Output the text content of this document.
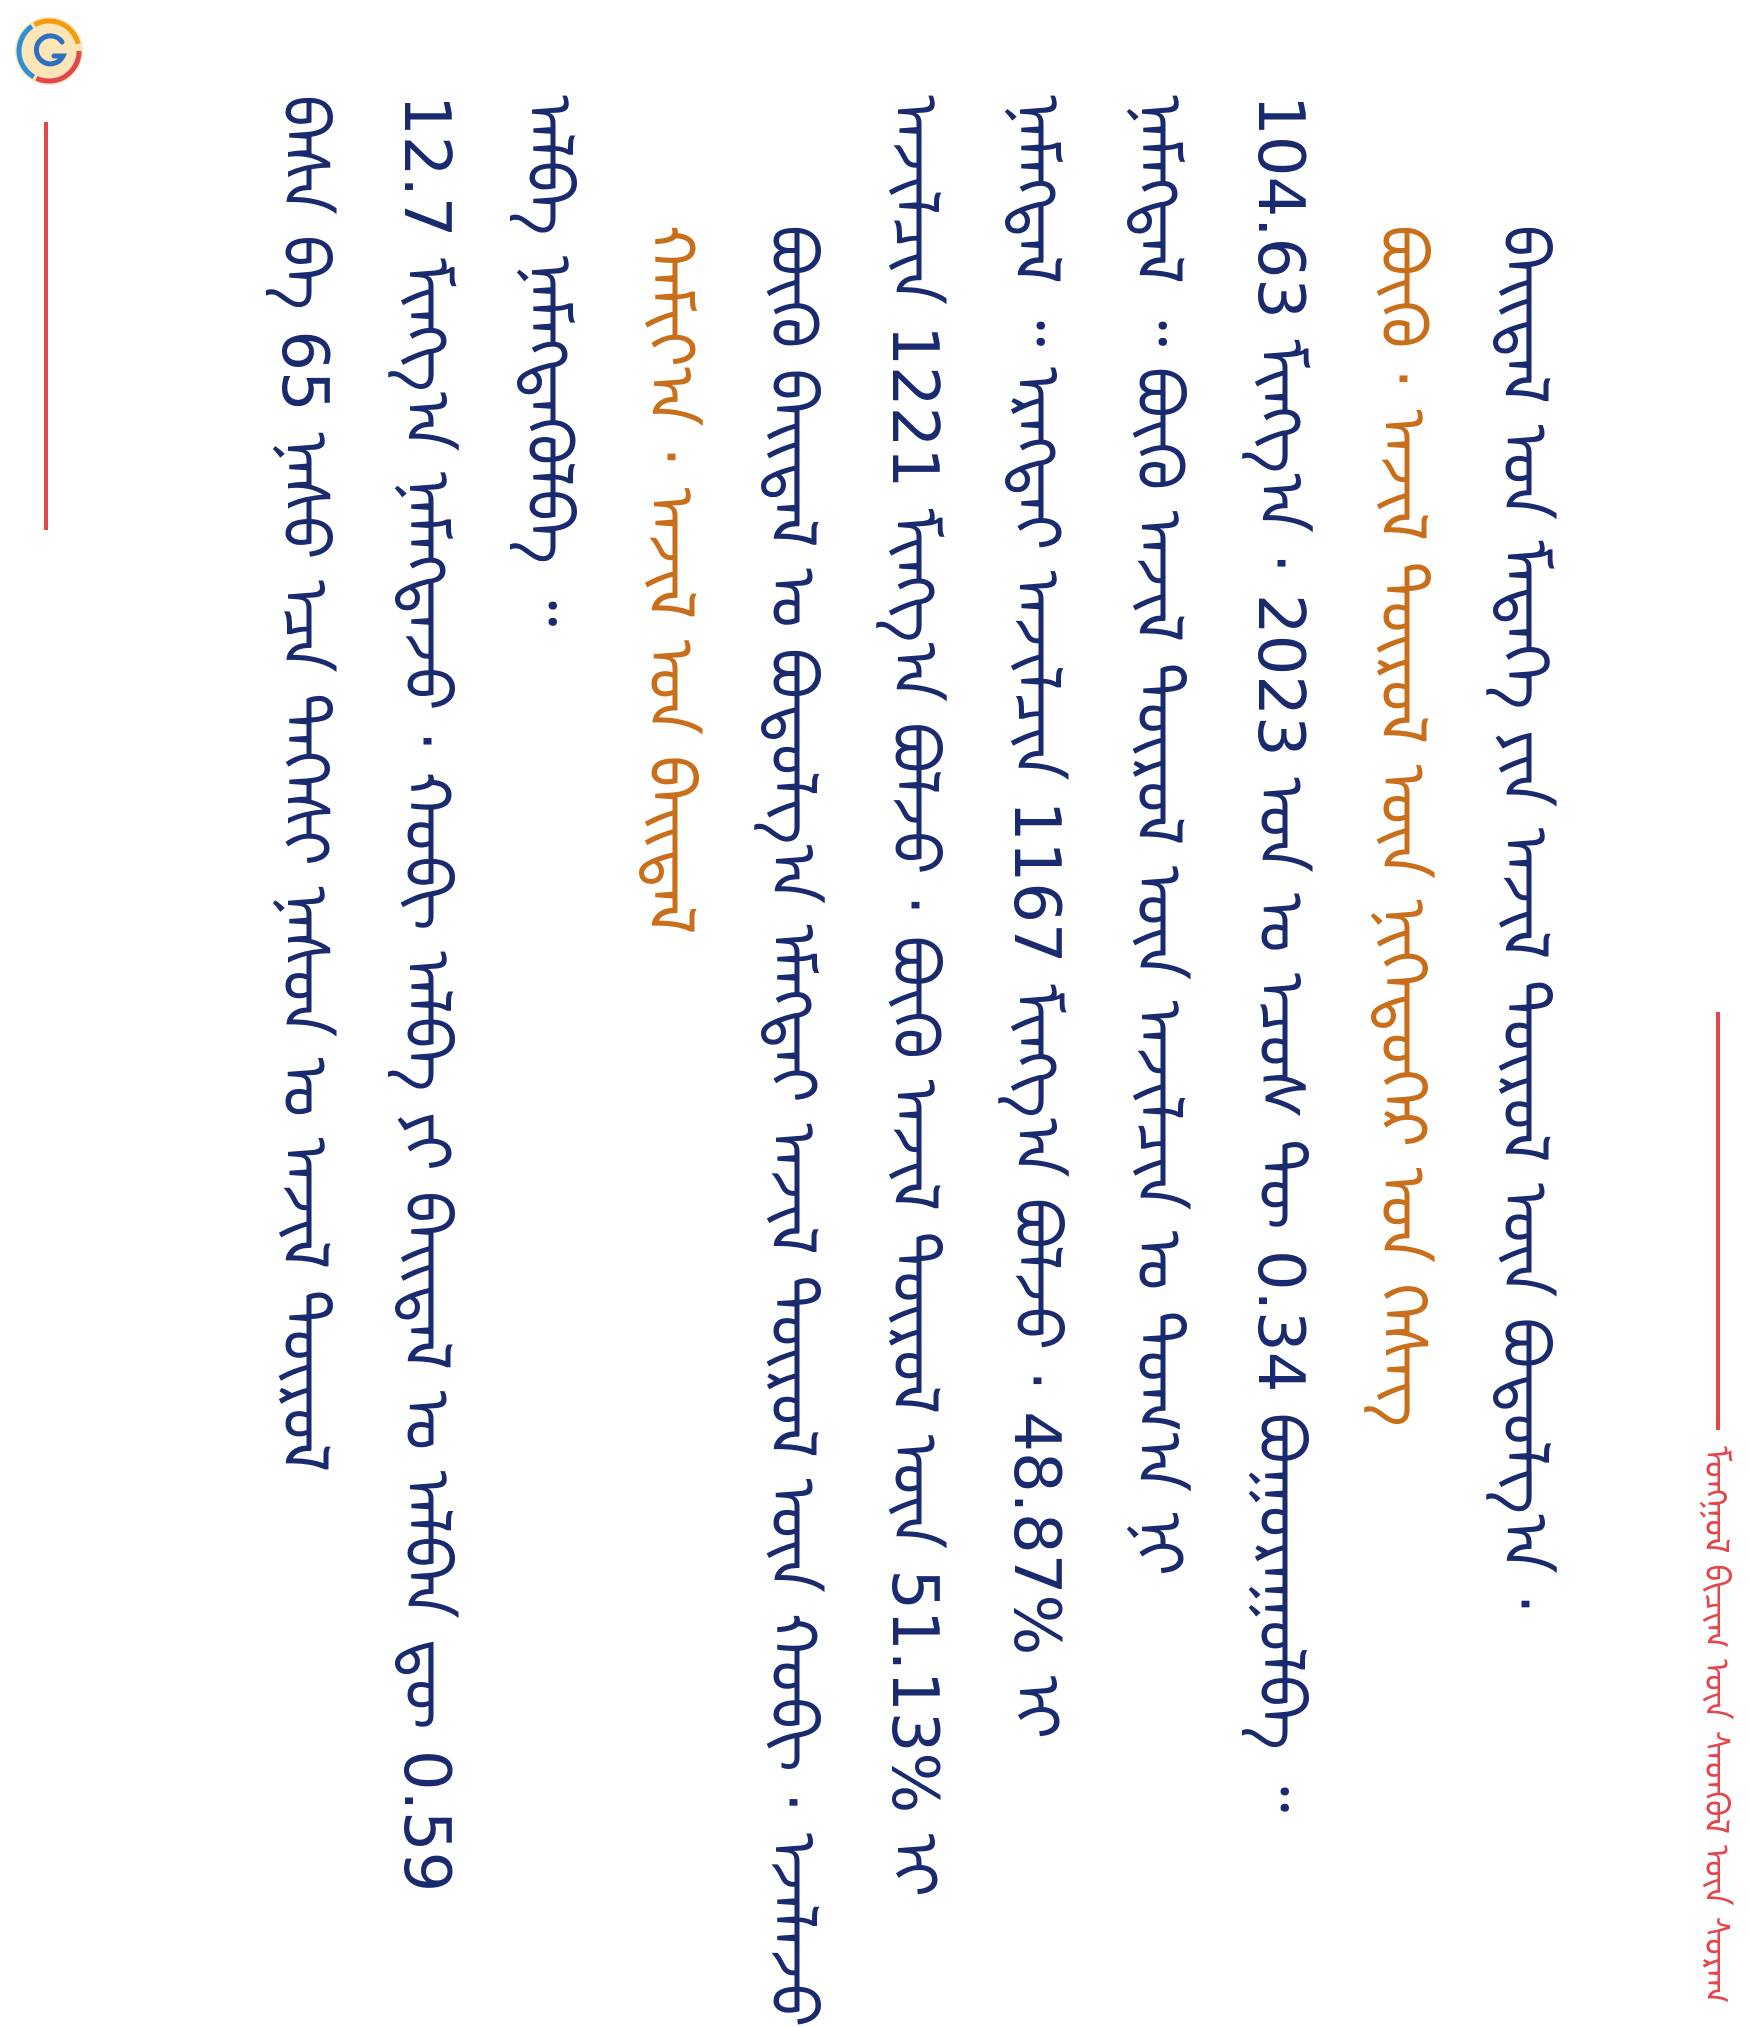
ᠮᠣᠩᠭᠣᠯ ᠪᠢᠴᠢᠭ᠋ ᠦᠨ ᠰᠡᠳᠬᠦᠯ ᠦᠨ ᠰᠤᠷᠠᠭ
ᠪᠠᠢ᠌ᠳᠠᠯ ᠤᠨ ᠮᠡᠳᠡᠭᠡ ᠶᠢᠨ ᠠᠵᠢᠯ ᠲᠥᠷᠥᠯ ᠦᠨ ᠪᠣᠳᠣᠯᠭ᠎ᠠ ·
ᠪᠦᠬᠦ · ᠠᠵᠢᠯ ᠲᠥᠷᠥᠯ ᠦᠨ ᠨᠢᠭᠡᠳᠦᠭᠡᠷ ᠤᠨ ᠬᠡᠰᠡᠭ
104.63 ᠮᠢᠩᠭ᠎ᠠ · 2023 ᠣᠨ ᠤ ᠡᠴᠦᠰ ᠲᠦ 0.34 ᠪᠣᠭᠤᠷᠠᠭᠤᠯᠪᠠ ᠃
ᠨᠡᠮᠡᠭᠳᠡᠯ ᠃ ᠪᠦᠬᠦ ᠠᠵᠢᠯ ᠲᠥᠷᠥᠯ ᠦᠨ ᠠᠵᠢᠯᠴᠢᠨ ᠤ ᠲᠣᠭ᠎ᠠ ᠨᠢ
ᠨᠡᠮᠡᠭᠳᠡᠯ ᠃ ᠡᠷᠡᠭᠲᠡᠢ ᠠᠵᠢᠯᠴᠢᠨ 1167 ᠮᠢᠩᠭ᠎ᠠ ᠪᠣᠯᠵᠤ · 48.87% ᠢ
ᠠᠵᠢᠯᠴᠢᠨ 1221 ᠮᠢᠩᠭ᠎ᠠ ᠪᠣᠯᠵᠤ · ᠪᠦᠬᠦ ᠠᠵᠢᠯ ᠲᠥᠷᠥᠯ ᠦᠨ 51.13% ᠢ
ᠪᠦᠬᠦ ᠪᠠᠢ᠌ᠳᠠᠯ ᠤ ᠪᠣᠳᠣᠯᠭ᠎ᠠ ᠡᠮᠡᠭᠲᠡᠢ ᠠᠵᠢᠯ ᠲᠥᠷᠥᠯ ᠦᠨ ᠬᠤᠪᠢ · ᠡᠵᠡᠯᠡᠵᠦ
ᠬᠠᠮᠢᠶ᠎ᠠ · ᠠᠵᠢᠯ ᠤᠨ ᠪᠠᠢ᠌ᠳᠠᠯ
ᠠᠯᠪᠠ ᠨᠡᠮᠡᠭᠳᠡᠭᠦᠯᠪᠡ ᠃
12.7 ᠮᠢᠩᠭ᠎ᠠ ᠨᠡᠮᠡᠭᠳᠡᠵᠦ · ᠬᠤᠪᠢ ᠠᠯᠪᠠ ᠶᠢ ᠪᠠᠢ᠌ᠳᠠᠯ ᠤ ᠠᠯᠪᠠᠨ ᠳᠦ 0.59
ᠪᠠᠰᠠ ᠪᠠ 65 ᠨᠠᠰᠤ ᠡᠴᠡ ᠳᠡᠭᠡᠰᠢ ᠨᠠᠰᠤᠨ ᠤ ᠠᠵᠢᠯ ᠲᠥᠷᠥᠯ
